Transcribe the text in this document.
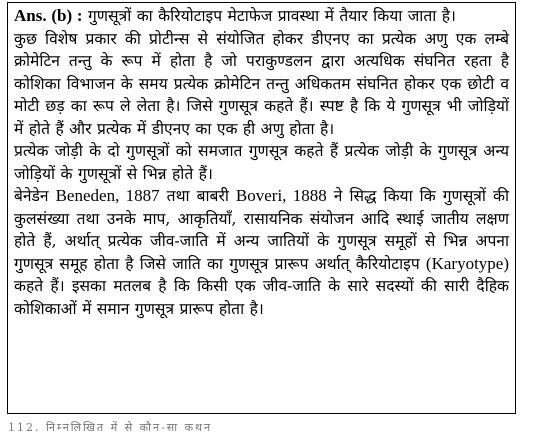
Ans. (b) : गुणसूत्रों का कैरियोटाइप मेटाफेज प्रावस्था में तैयार किया जाता है।

कुछ विशेष प्रकार की प्रोटीन्स से संयोजित होकर डीएनए का प्रत्येक अणु एक लम्बे क्रोमेटिन तन्तु के रूप में होता है जो पराकुण्डलन द्वारा अत्यधिक संघनित रहता है कोशिका विभाजन के समय प्रत्येक क्रोमेटिन तन्तु अधिकतम संघनित होकर एक छोटी व मोटी छड़ का रूप ले लेता है। जिसे गुणसूत्र कहते हैं। स्पष्ट है कि ये गुणसूत्र भी जोड़ियों में होते हैं और प्रत्येक में डीएनए का एक ही अणु होता है।

प्रत्येक जोड़ी के दो गुणसूत्रों को समजात गुणसूत्र कहते हैं प्रत्येक जोड़ी के गुणसूत्र अन्य जोड़ियों के गुणसूत्रों से भिन्न होते हैं।

बेनेडेन Beneden, 1887 तथा बाबरी Boveri, 1888 ने सिद्ध किया कि गुणसूत्रों की कुलसंख्या तथा उनके माप, आकृतियाँ, रासायनिक संयोजन आदि स्थाई जातीय लक्षण होते हैं, अर्थात् प्रत्येक जीव-जाति में अन्य जातियों के गुणसूत्र समूहों से भिन्न अपना गुणसूत्र समूह होता है जिसे जाति का गुणसूत्र प्रारूप अर्थात् कैरियोटाइप (Karyotype) कहते हैं। इसका मतलब है कि किसी एक जीव-जाति के सारे सदस्यों की सारी दैहिक कोशिकाओं में समान गुणसूत्र प्रारूप होता है।

112. निम्नलिखित में से कौन-सा कथन
